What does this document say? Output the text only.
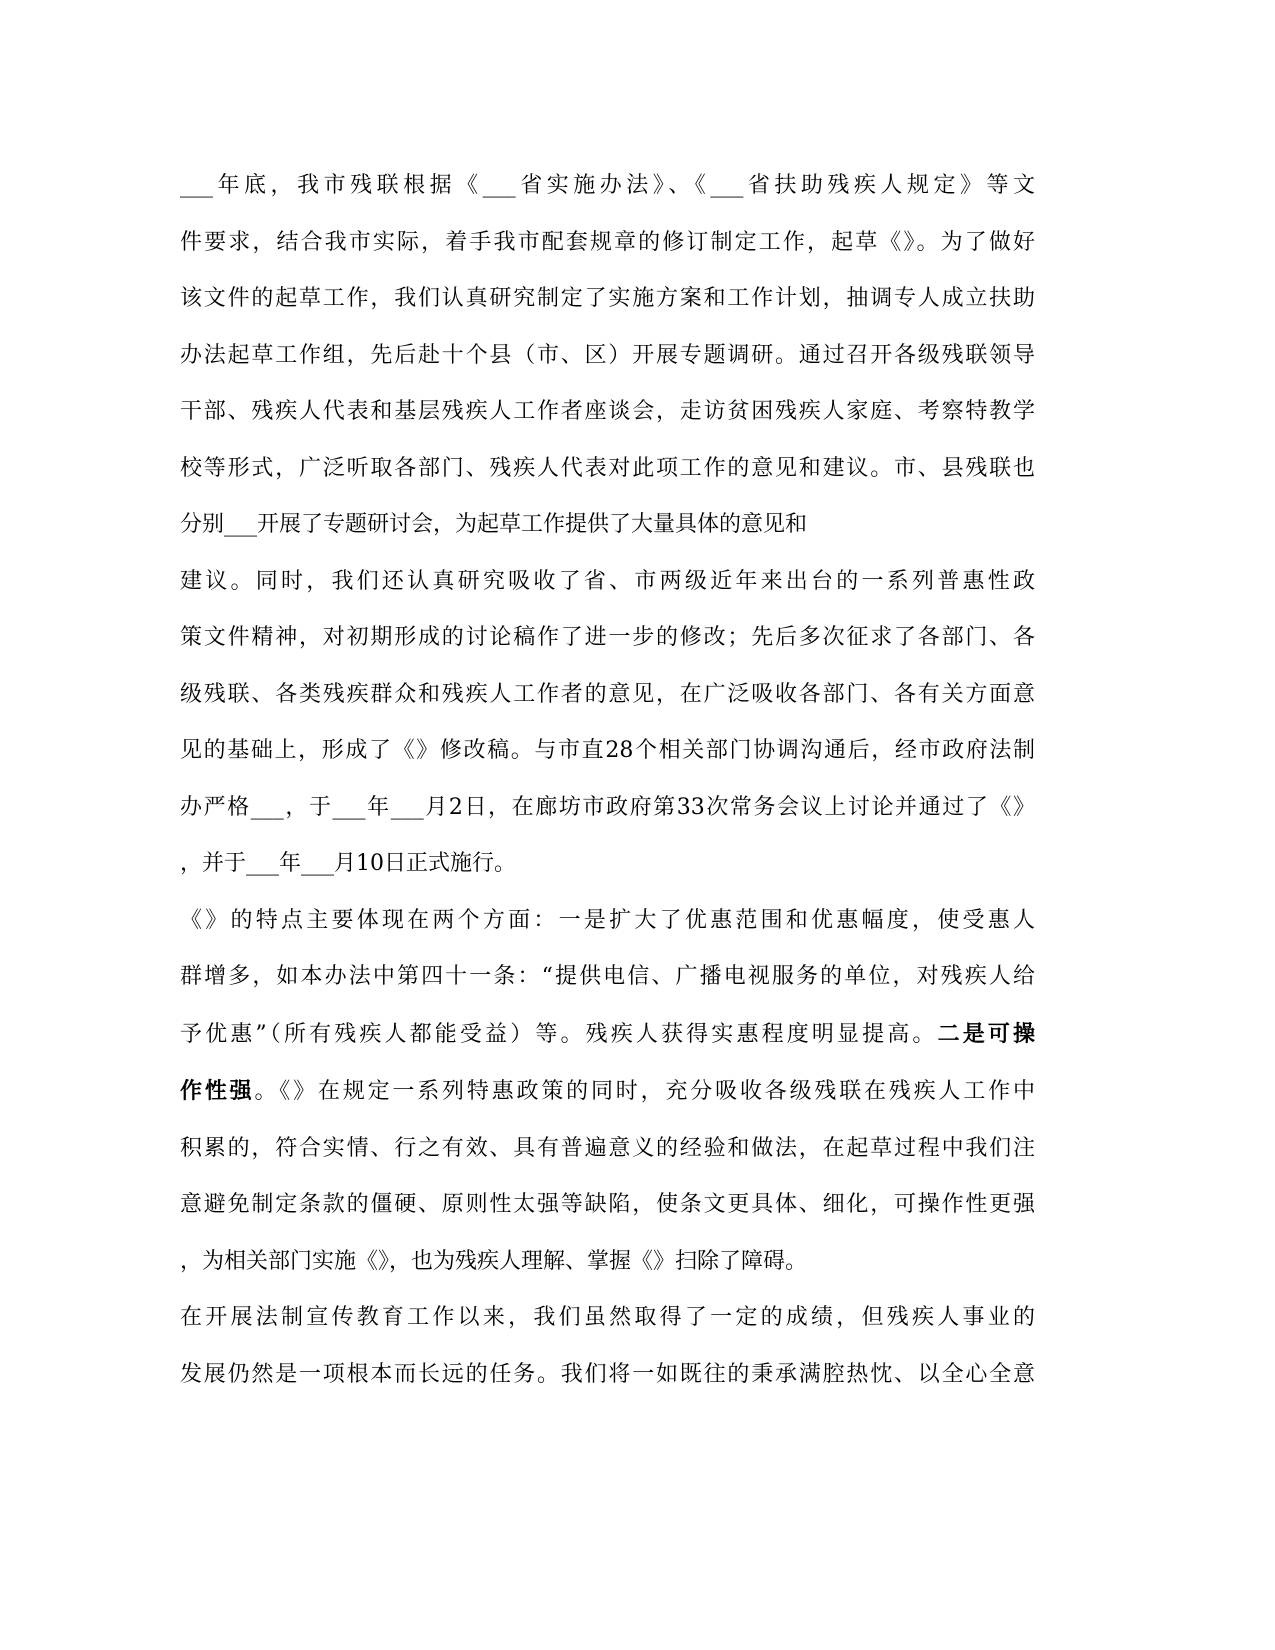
___年底，我市残联根据《___省实施办法》、《___省扶助残疾人规定》等文
件要求，结合我市实际，着手我市配套规章的修订制定工作，起草《》。为了做好
该文件的起草工作，我们认真研究制定了实施方案和工作计划，抽调专人成立扶助
办法起草工作组，先后赴十个县（市、区）开展专题调研。通过召开各级残联领导
干部、残疾人代表和基层残疾人工作者座谈会，走访贫困残疾人家庭、考察特教学
校等形式，广泛听取各部门、残疾人代表对此项工作的意见和建议。市、县残联也
分别___开展了专题研讨会，为起草工作提供了大量具体的意见和
建议。同时，我们还认真研究吸收了省、市两级近年来出台的一系列普惠性政
策文件精神，对初期形成的讨论稿作了进一步的修改；先后多次征求了各部门、各
级残联、各类残疾群众和残疾人工作者的意见，在广泛吸收各部门、各有关方面意
见的基础上，形成了《》修改稿。与市直28个相关部门协调沟通后，经市政府法制
办严格___，于___年___月2日，在廊坊市政府第33次常务会议上讨论并通过了《》
，并于___年___月10日正式施行。
《》的特点主要体现在两个方面：一是扩大了优惠范围和优惠幅度，使受惠人
群增多，如本办法中第四十一条：“提供电信、广播电视服务的单位，对残疾人给
予优惠”（所有残疾人都能受益）等。残疾人获得实惠程度明显提高。二是可操
作性强。《》在规定一系列特惠政策的同时，充分吸收各级残联在残疾人工作中
积累的，符合实情、行之有效、具有普遍意义的经验和做法，在起草过程中我们注
意避免制定条款的僵硬、原则性太强等缺陷，使条文更具体、细化，可操作性更强
，为相关部门实施《》，也为残疾人理解、掌握《》扫除了障碍。
在开展法制宣传教育工作以来，我们虽然取得了一定的成绩，但残疾人事业的
发展仍然是一项根本而长远的任务。我们将一如既往的秉承满腔热忱、以全心全意
